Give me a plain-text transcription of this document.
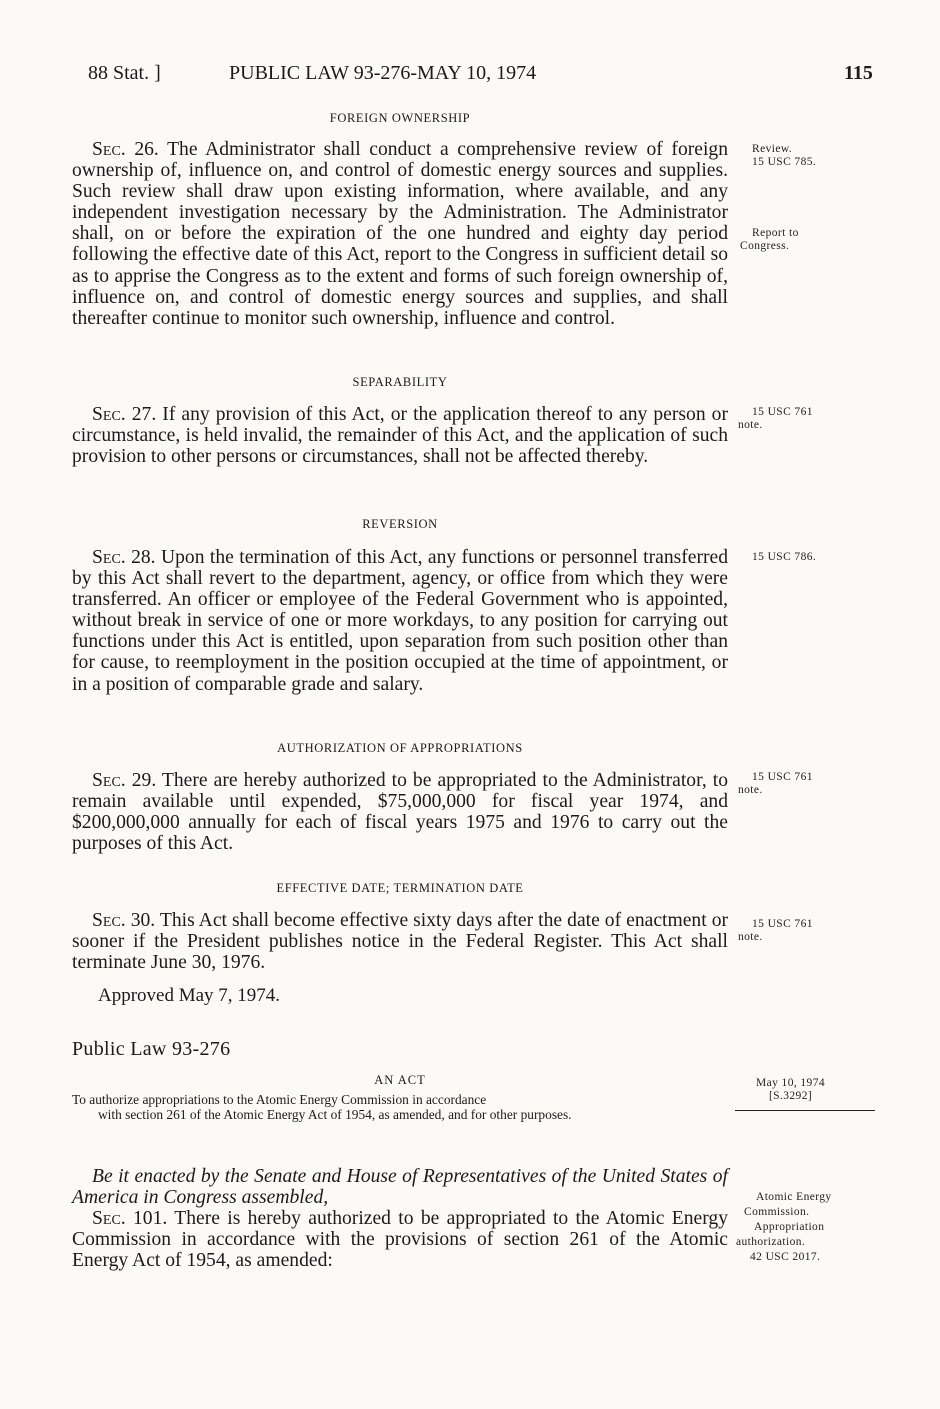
88 Stat. ]	PUBLIC LAW 93-276-MAY 10, 1974	115
FOREIGN OWNERSHIP

Sec. 26. The Administrator shall conduct a comprehensive review of foreign ownership of, influence on, and control of domestic energy sources and supplies. Such review shall draw upon existing information, where available, and any independent investigation necessary by the Administration. The Administrator shall, on or before the expiration of the one hundred and eighty day period following the effective date of this Act, report to the Congress in sufficient detail so as to apprise the Congress as to the extent and forms of such foreign ownership of, influence on, and control of domestic energy sources and supplies, and shall thereafter continue to monitor such ownership, influence and control.

SEPARABILITY

Sec. 27. If any provision of this Act, or the application thereof to any person or circumstance, is held invalid, the remainder of this Act, and the application of such provision to other persons or circumstances, shall not be affected thereby.

REVERSION

Sec. 28. Upon the termination of this Act, any functions or personnel transferred by this Act shall revert to the department, agency, or office from which they were transferred. An officer or employee of the Federal Government who is appointed, without break in service of one or more workdays, to any position for carrying out functions under this Act is entitled, upon separation from such position other than for cause, to reemployment in the position occupied at the time of appointment, or in a position of comparable grade and salary.

AUTHORIZATION OF APPROPRIATIONS

Sec. 29. There are hereby authorized to be appropriated to the Administrator, to remain available until expended, $75,000,000 for fiscal year 1974, and $200,000,000 annually for each of fiscal years 1975 and 1976 to carry out the purposes of this Act.

EFFECTIVE DATE; TERMINATION DATE

Sec. 30. This Act shall become effective sixty days after the date of enactment or sooner if the President publishes notice in the Federal Register. This Act shall terminate June 30, 1976.

Approved May 7, 1974.
Public Law 93-276
AN ACT
To authorize appropriations to the Atomic Energy Commission in accordance
with section 261 of the Atomic Energy Act of 1954, as amended, and for other purposes.

Be it enacted by the Senate and House of Representatives of the United States of America in Congress assembled,

Sec. 101. There is hereby authorized to be appropriated to the Atomic Energy Commission in accordance with the provisions of section 261 of the Atomic Energy Act of 1954, as amended:

Review.
15 USC 785.
Report to
Congress.
15 USC 761
note.
15 USC 786.
15 USC 761
note.
15 USC 761
note.
May 10, 1974
[S.3292]
Atomic Energy
Commission.
Appropriation
authorization.
42 USC 2017.
